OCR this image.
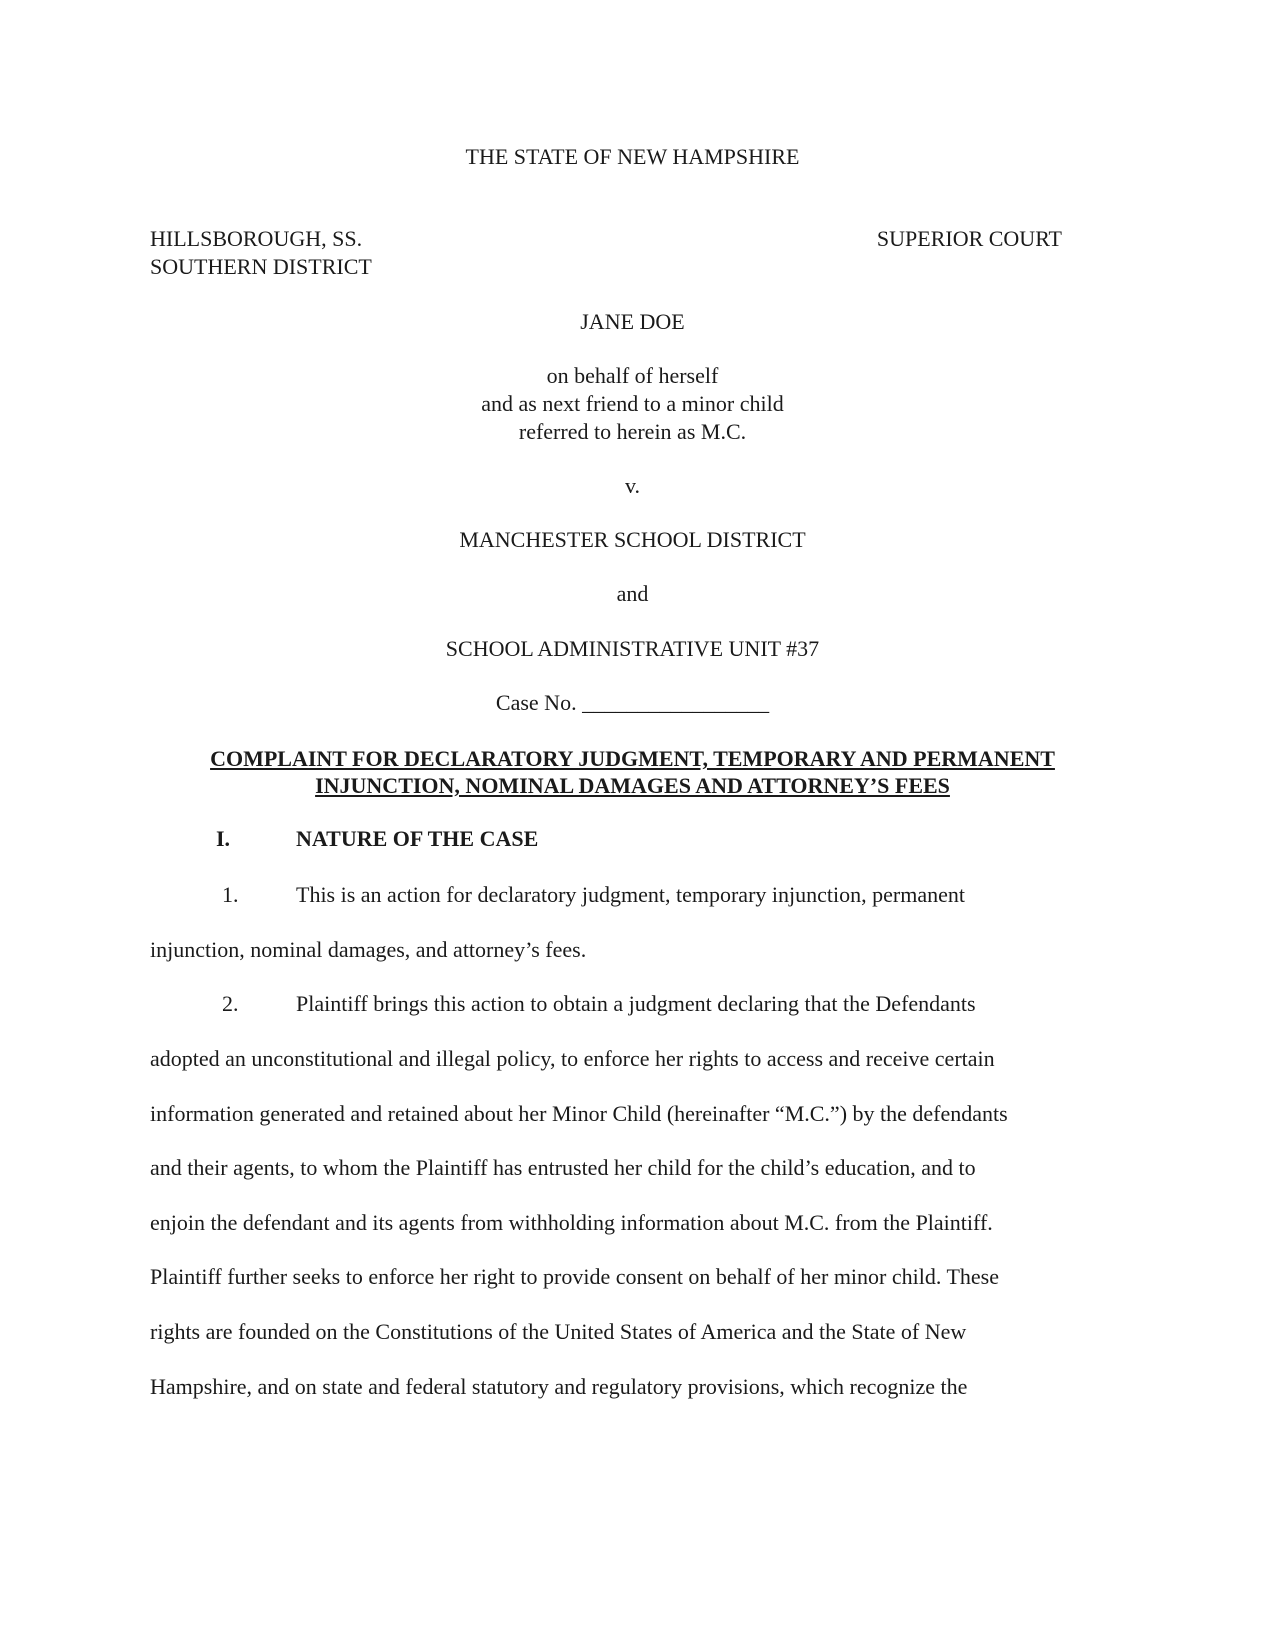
THE STATE OF NEW HAMPSHIRE
HILLSBOROUGH, SS.
SOUTHERN DISTRICT
SUPERIOR COURT
JANE DOE
on behalf of herself
and as next friend to a minor child
referred to herein as M.C.
v.
MANCHESTER SCHOOL DISTRICT
and
SCHOOL ADMINISTRATIVE UNIT #37
Case No. _________________
COMPLAINT FOR DECLARATORY JUDGMENT, TEMPORARY AND PERMANENT
INJUNCTION, NOMINAL DAMAGES AND ATTORNEY’S FEES
I.	NATURE OF THE CASE
1.	This is an action for declaratory judgment, temporary injunction, permanent
injunction, nominal damages, and attorney’s fees.
2.	Plaintiff brings this action to obtain a judgment declaring that the Defendants
adopted an unconstitutional and illegal policy, to enforce her rights to access and receive certain
information generated and retained about her Minor Child (hereinafter “M.C.”) by the defendants
and their agents, to whom the Plaintiff has entrusted her child for the child’s education, and to
enjoin the defendant and its agents from withholding information about M.C. from the Plaintiff.
Plaintiff further seeks to enforce her right to provide consent on behalf of her minor child. These
rights are founded on the Constitutions of the United States of America and the State of New
Hampshire, and on state and federal statutory and regulatory provisions, which recognize the
